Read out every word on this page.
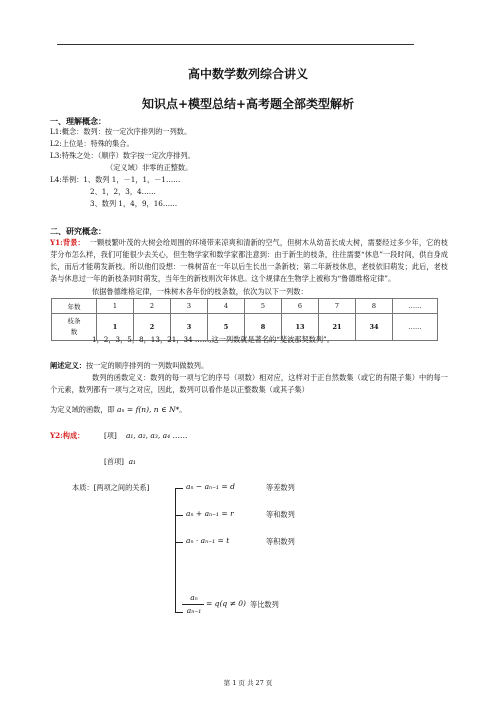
高中数学数列综合讲义
知识点+模型总结+高考题全部类型解析
一、理解概念：
L1:概念：数列：按一定次序排列的一列数。
L2:上位是：特殊的集合。
L3:特殊之处：（顺序）数字按一定次序排列。
（定义域）非零的正整数。
L4:举例：1、数列 1，－1，1，－1……
2、1，2，3，4……
3、数列 1，4，9，16……
二、研究概念：
Y1:背景： 一颗枝繁叶茂的大树会给周围的环境带来凉爽和清新的空气，但树木从幼苗长成大树，需要经过多少年，它的枝芽分布怎么样，我们可能很少去关心，但生物学家和数学家都注意到：由于新生的枝条，往往需要“休息”一段时间，供自身成长，而后才能萌发新枝。所以他们设想：一株树苗在一年以后生长出一条新枝；第二年新枝休息，老枝依旧萌发；此后，老枝条与休息过一年的新枝条同时萌发，当年生的新枝则次年休息。这个规律在生物学上被称为“鲁德维格定律”。
依据鲁德维格定律，一株树木各年份的枝条数，依次为以下一列数：
年数	1	2	3	4	5	6	7	8	……
枝条
数	1	2	3	5	8	13	21	34	……
1，2，3，5，8，13，21，34 ……,这一列数就是著名的“斐波那契数列”。
阐述定义：按一定的顺序排列的一列数叫做数列。
数列的函数定义：数列的每一项与它的序号（项数）相对应，这样对于正自然数集（或它的有限子集）中的每一个元素，数列都有一项与之对应，因此，数列可以看作是以正整数集（或其子集）
为定义域的函数，即 aₙ = f(n), n ∈ N*。
Y2:构成：	[项] a₁, a₂, a₃, a₄ ……
[首项] a₁
本质：[两项之间的关系]	aₙ − aₙ₋₁ = d	等差数列
aₙ + aₙ₋₁ = r	等和数列
aₙ · aₙ₋₁ = t	等积数列
aₙ
aₙ₋₁
= q(q ≠ 0) 等比数列
第 1 页 共 27 页
